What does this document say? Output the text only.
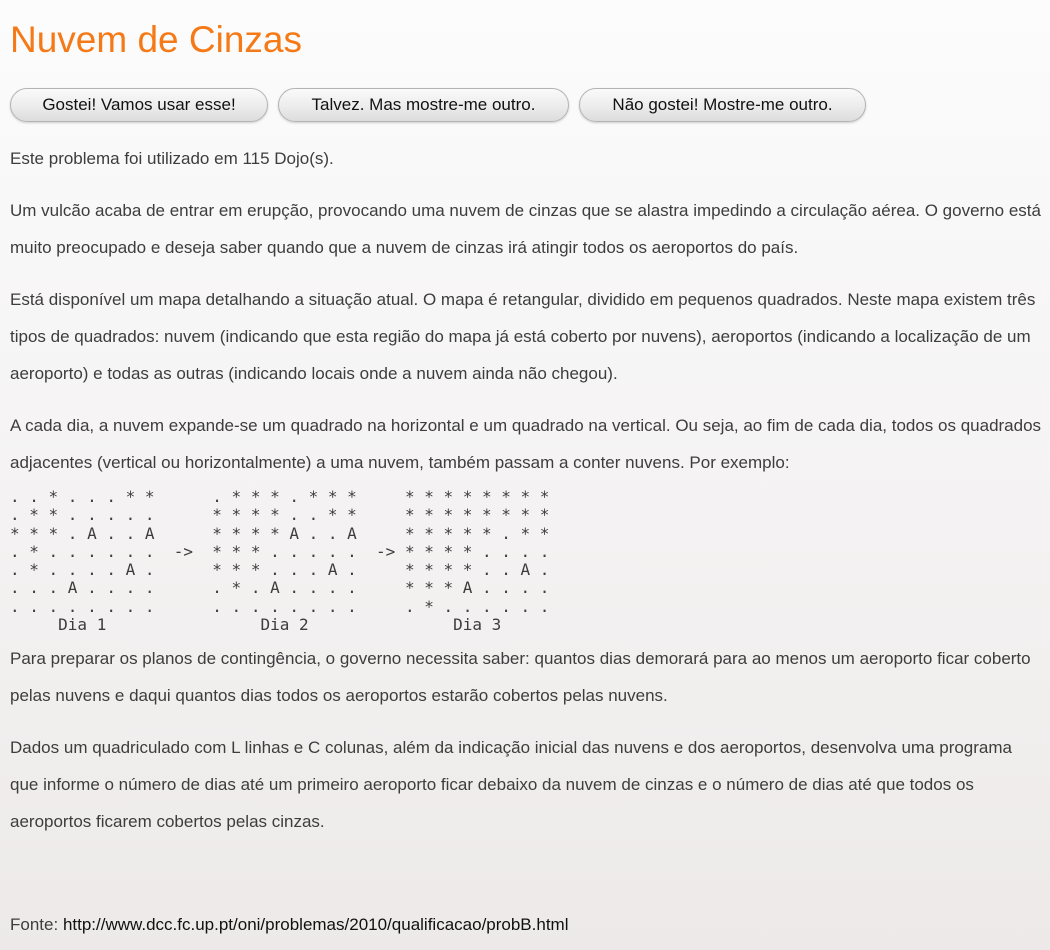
Nuvem de Cinzas
Gostei! Vamos usar esse!	Talvez. Mas mostre-me outro.	Não gostei! Mostre-me outro.

Este problema foi utilizado em 115 Dojo(s).

Um vulcão acaba de entrar em erupção, provocando uma nuvem de cinzas que se alastra impedindo a circulação aérea. O governo está muito preocupado e deseja saber quando que a nuvem de cinzas irá atingir todos os aeroportos do país.

Está disponível um mapa detalhando a situação atual. O mapa é retangular, dividido em pequenos quadrados. Neste mapa existem três tipos de quadrados: nuvem (indicando que esta região do mapa já está coberto por nuvens), aeroportos (indicando a localização de um aeroporto) e todas as outras (indicando locais onde a nuvem ainda não chegou).

A cada dia, a nuvem expande-se um quadrado na horizontal e um quadrado na vertical. Ou seja, ao fim de cada dia, todos os quadrados adjacentes (vertical ou horizontalmente) a uma nuvem, também passam a conter nuvens. Por exemplo:

. . * . . . * *      . * * * . * * *     * * * * * * * *
. * * . . . . .      * * * * . . * *     * * * * * * * *
* * * . A . . A      * * * * A . . A     * * * * * . * *
. * . . . . . .  ->  * * * . . . . .  -> * * * * . . . .
. * . . . . A .      * * * . . . A .     * * * * . . A .
. . . A . . . .      . * . A . . . .     * * * A . . . .
. . . . . . . .      . . . . . . . .     . * . . . . . .
Dia 1                Dia 2               Dia 3

Para preparar os planos de contingência, o governo necessita saber: quantos dias demorará para ao menos um aeroporto ficar coberto pelas nuvens e daqui quantos dias todos os aeroportos estarão cobertos pelas nuvens.

Dados um quadriculado com L linhas e C colunas, além da indicação inicial das nuvens e dos aeroportos, desenvolva uma programa que informe o número de dias até um primeiro aeroporto ficar debaixo da nuvem de cinzas e o número de dias até que todos os aeroportos ficarem cobertos pelas cinzas.

Fonte: http://www.dcc.fc.up.pt/oni/problemas/2010/qualificacao/probB.html
